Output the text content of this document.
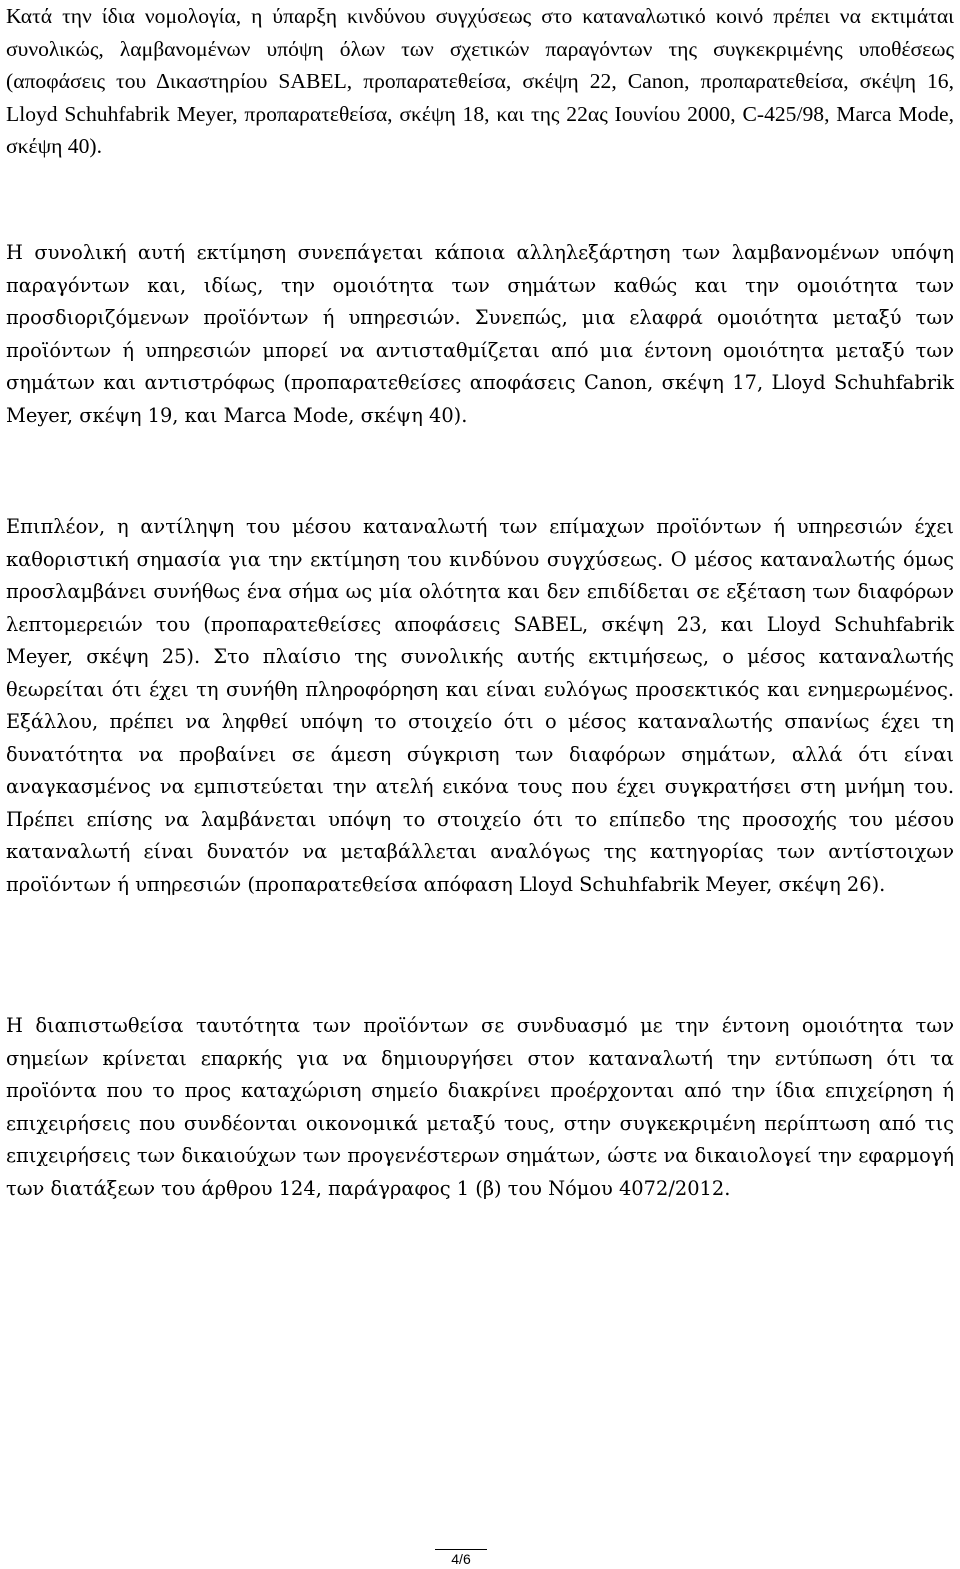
Κατά την ίδια νομολογία, η ύπαρξη κινδύνου συγχύσεως στο καταναλωτικό κοινό πρέπει να εκτιμάται συνολικώς, λαμβανομένων υπόψη όλων των σχετικών παραγόντων της συγκεκριμένης υποθέσεως (αποφάσεις του Δικαστηρίου SABEL, προπαρατεθείσα, σκέψη 22, Canon, προπαρατεθείσα, σκέψη 16, Lloyd Schuhfabrik Meyer, προπαρατεθείσα, σκέψη 18, και της 22ας Ιουνίου 2000, C-425/98, Marca Mode, σκέψη 40).

Η συνολική αυτή εκτίμηση συνεπάγεται κάποια αλληλεξάρτηση των λαμβανομένων υπόψη παραγόντων και, ιδίως, την ομοιότητα των σημάτων καθώς και την ομοιότητα των προσδιοριζόμενων προϊόντων ή υπηρεσιών. Συνεπώς, μια ελαφρά ομοιότητα μεταξύ των προϊόντων ή υπηρεσιών μπορεί να αντισταθμίζεται από μια έντονη ομοιότητα μεταξύ των σημάτων και αντιστρόφως (προπαρατεθείσες αποφάσεις Canon, σκέψη 17, Lloyd Schuhfabrik Meyer, σκέψη 19, και Marca Mode, σκέψη 40).

Επιπλέον, η αντίληψη του μέσου καταναλωτή των επίμαχων προϊόντων ή υπηρεσιών έχει καθοριστική σημασία για την εκτίμηση του κινδύνου συγχύσεως. Ο μέσος καταναλωτής όμως προσλαμβάνει συνήθως ένα σήμα ως μία ολότητα και δεν επιδίδεται σε εξέταση των διαφόρων λεπτομερειών του (προπαρατεθείσες αποφάσεις SABEL, σκέψη 23, και Lloyd Schuhfabrik Meyer, σκέψη 25). Στο πλαίσιο της συνολικής αυτής εκτιμήσεως, ο μέσος καταναλωτής θεωρείται ότι έχει τη συνήθη πληροφόρηση και είναι ευλόγως προσεκτικός και ενημερωμένος. Εξάλλου, πρέπει να ληφθεί υπόψη το στοιχείο ότι ο μέσος καταναλωτής σπανίως έχει τη δυνατότητα να προβαίνει σε άμεση σύγκριση των διαφόρων σημάτων, αλλά ότι είναι αναγκασμένος να εμπιστεύεται την ατελή εικόνα τους που έχει συγκρατήσει στη μνήμη του. Πρέπει επίσης να λαμβάνεται υπόψη το στοιχείο ότι το επίπεδο της προσοχής του μέσου καταναλωτή είναι δυνατόν να μεταβάλλεται αναλόγως της κατηγορίας των αντίστοιχων προϊόντων ή υπηρεσιών (προπαρατεθείσα απόφαση Lloyd Schuhfabrik Meyer, σκέψη 26).

Η διαπιστωθείσα ταυτότητα των προϊόντων σε συνδυασμό με την έντονη ομοιότητα των σημείων κρίνεται επαρκής για να δημιουργήσει στον καταναλωτή την εντύπωση ότι τα προϊόντα που το προς καταχώριση σημείο διακρίνει προέρχονται από την ίδια επιχείρηση ή επιχειρήσεις που συνδέονται οικονομικά μεταξύ τους, στην συγκεκριμένη περίπτωση από τις επιχειρήσεις των δικαιούχων των προγενέστερων σημάτων, ώστε να δικαιολογεί την εφαρμογή των διατάξεων του άρθρου 124, παράγραφος 1 (β) του Νόμου 4072/2012.

4/6
